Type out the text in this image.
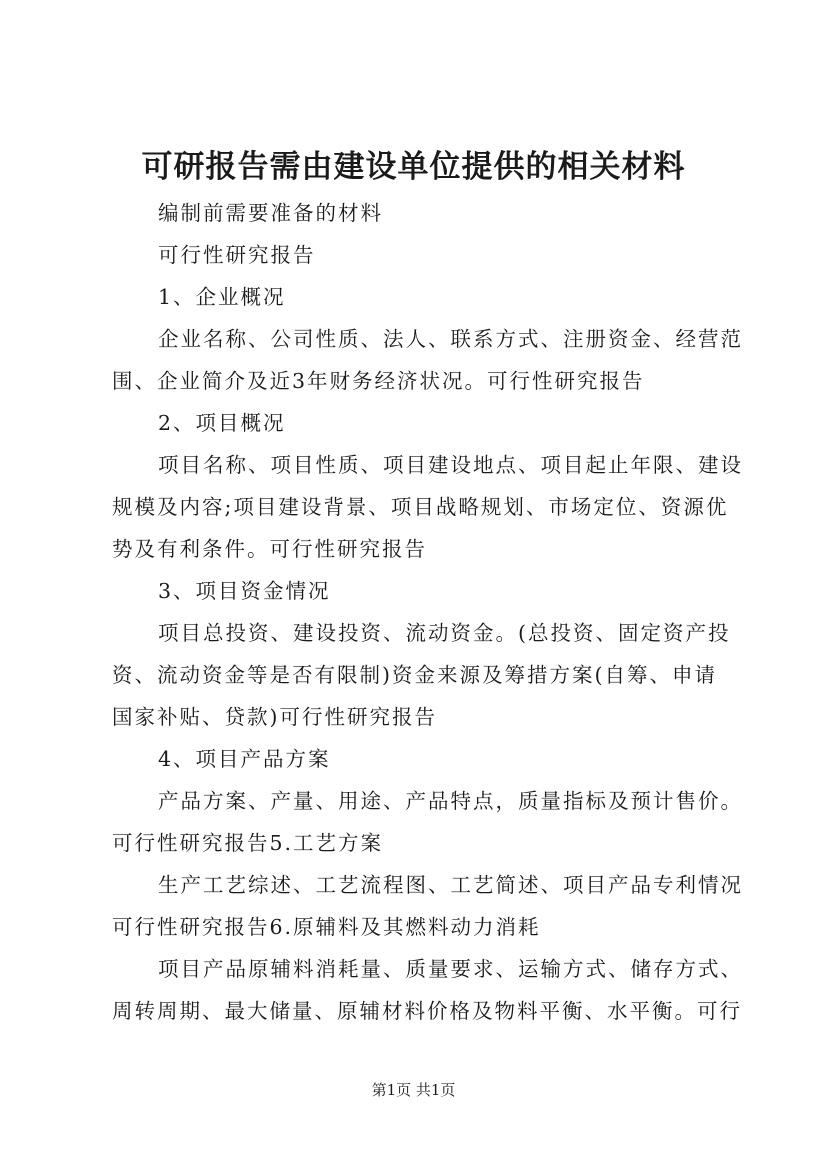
可研报告需由建设单位提供的相关材料
编制前需要准备的材料
可行性研究报告
1、企业概况
企业名称、公司性质、法人、联系方式、注册资金、经营范
围、企业简介及近3年财务经济状况。可行性研究报告
2、项目概况
项目名称、项目性质、项目建设地点、项目起止年限、建设
规模及内容;项目建设背景、项目战略规划、市场定位、资源优
势及有利条件。可行性研究报告
3、项目资金情况
项目总投资、建设投资、流动资金。(总投资、固定资产投
资、流动资金等是否有限制)资金来源及筹措方案(自筹、申请
国家补贴、贷款)可行性研究报告
4、项目产品方案
产品方案、产量、用途、产品特点，质量指标及预计售价。
可行性研究报告5.工艺方案
生产工艺综述、工艺流程图、工艺简述、项目产品专利情况
可行性研究报告6.原辅料及其燃料动力消耗
项目产品原辅料消耗量、质量要求、运输方式、储存方式、
周转周期、最大储量、原辅材料价格及物料平衡、水平衡。可行
第1页 共1页
